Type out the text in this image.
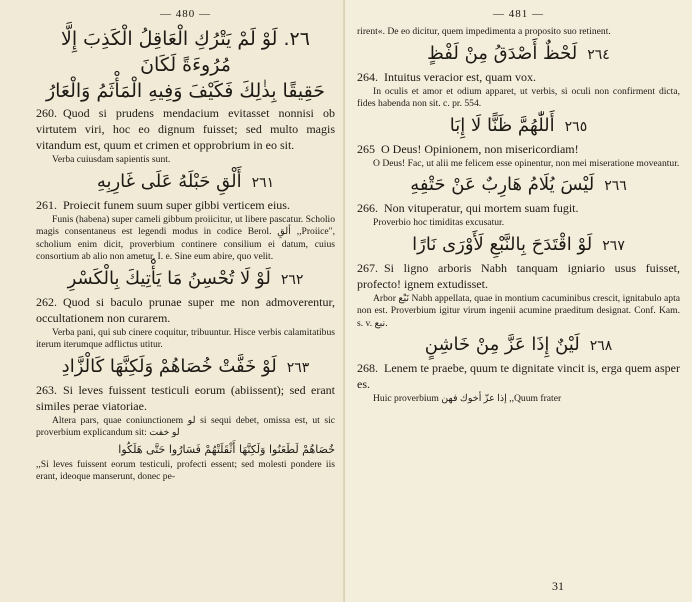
— 480 —
٢٦. لَوْ لَمْ يَتْرُكِ الْعَاقِلُ الْكَذِبَ إِلَّا مُرُوءَةً لَكَانَ
حَقِيقًا بِذٰلِكَ فَكَيْفَ وَفِيهِ الْمَأْثَمُ وَالْعَارُ
260. Quod si prudens mendacium evitasset nonnisi ob virtutem viri, hoc eo dignum fuisset; sed multo magis vitandum est, quum et crimen et opprobrium in eo sit.
Verba cuiusdam sapientis sunt.
٢٦١أَلْقِ حَبْلَهُ عَلَى غَارِبِهِ
261. Proiecit funem suum super gibbi verticem eius.
Funis (habena) super cameli gibbum proiicitur, ut libere pascatur. Scholio magis consentaneus est legendi modus in codice Berol. ألقِ ,,Proiice", scholium enim dicit, proverbium continere consilium ei datum, cuius consortium ab alio non ametur. I. e. Sine eum abire, quo velit.
٢٦٢لَوْ لَا تُحْسِنُ مَا يَأْتِيكَ بِالْكَسْرِ
262. Quod si baculo prunae super me non admoverentur, occultationem non curarem.
Verba pani, qui sub cinere coquitur, tribuuntur. Hisce verbis calamitatibus iterum iterumque adflictus utitur.
٢٦٣لَوْ خَفَّتْ خُصَاهُمْ وَلَكِنَّهَا كَالْزَّادِ
263. Si leves fuissent testiculi eorum (abiissent); sed erant similes perae viatoriae.
Altera pars, quae coniunctionem لو si sequi debet, omissa est, ut sic proverbium explicandum sit: لو خفت
خُصَاهُمْ لَطَعَنُوا وَلَكِنَّهَا أَثْقَلَتْهُمْ فَسَارُوا حَتَّى هَلَكُوا
,,Si leves fuissent eorum testiculi, profecti essent; sed molesti pondere iis erant, ideoque manserunt, donec pe-
— 481 —
rirent«. De eo dicitur, quem impedimenta a proposito suo retinent.
٢٦٤لَحْظٌ أَصْدَقُ مِنْ لَفْظٍ
264. Intuitus veracior est, quam vox.
In oculis et amor et odium apparet, ut verbis, si oculi non confirment dicta, fides habenda non sit. c. pr. 554.
٢٦٥أَللّٰهُمَّ ظَنًّا لَا إِبَا
265 O Deus! Opinionem, non misericordiam!
O Deus! Fac, ut alii me felicem esse opinentur, non mei miseratione moveantur.
٢٦٦لَيْسَ يُلَامُ هَارِبٌ عَنْ حَتْفِهِ
266. Non vituperatur, qui mortem suam fugit.
Proverbio hoc timiditas excusatur.
٢٦٧لَوْ اقْتَدَحَ بِالنَّبْعِ لَأَوْرَى نَارًا
267. Si ligno arboris Nabh tanquam igniario usus fuisset, profecto! ignem extudisset.
Arbor نَبْع Nabh appellata, quae in montium cacuminibus crescit, ignitabulo apta non est. Proverbium igitur virum ingenii acumine praeditum designat. Conf. Kam. s. v. نبع.
٢٦٨لَيْنٌ إِذَا عَزَّ مِنْ خَاشِنٍ
268. Lenem te praebe, quum te dignitate vincit is, erga quem asper es.
Huic proverbium إذا عزّ أخوك فهن ,,Quum frater
31
